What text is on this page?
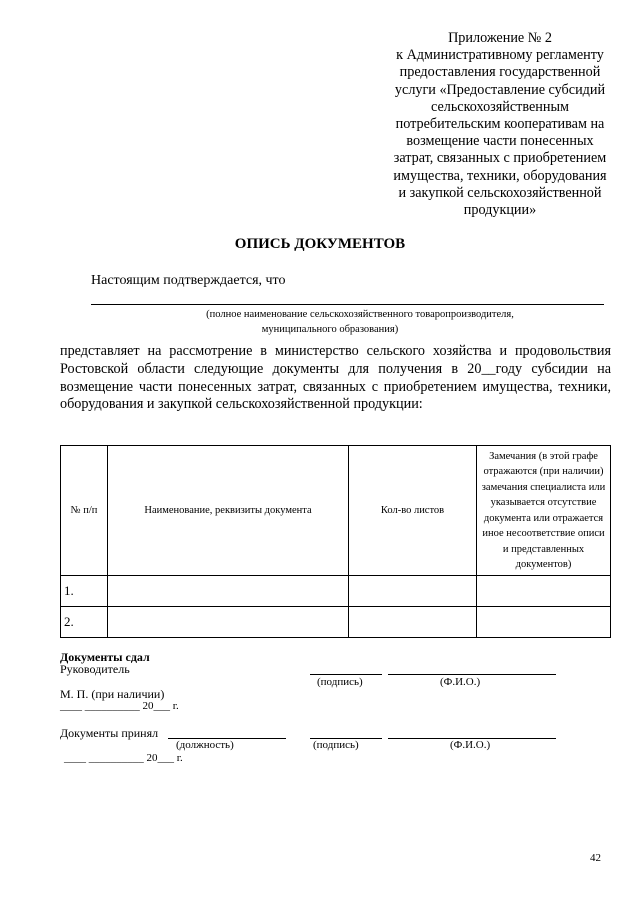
Приложение № 2
к Административному регламенту
предоставления государственной
услуги «Предоставление субсидий
сельскохозяйственным
потребительским кооперативам на
возмещение части понесенных
затрат, связанных с приобретением
имущества, техники, оборудования
и закупкой сельскохозяйственной
продукции»
ОПИСЬ ДОКУМЕНТОВ
Настоящим подтверждается, что
(полное наименование сельскохозяйственного товаропроизводителя,
муниципального образования)
представляет на рассмотрение в министерство сельского хозяйства и продовольствия Ростовской области следующие документы для получения в 20__году субсидии на возмещение части понесенных затрат, связанных с приобретением имущества, техники, оборудования и закупкой сельскохозяйственной продукции:
№ п/п	Наименование, реквизиты документа	Кол-во листов	Замечания (в этой графе отражаются (при наличии) замечания специалиста или указывается отсутствие документа или отражается иное несоответствие описи и представленных документов)
1.			
2.			
Документы сдал
Руководитель
(подпись)	(Ф.И.О.)
М. П. (при наличии)
____ __________ 20___ г.
Документы принял
(должность)	(подпись)	(Ф.И.О.)
____ __________ 20___ г.
42
